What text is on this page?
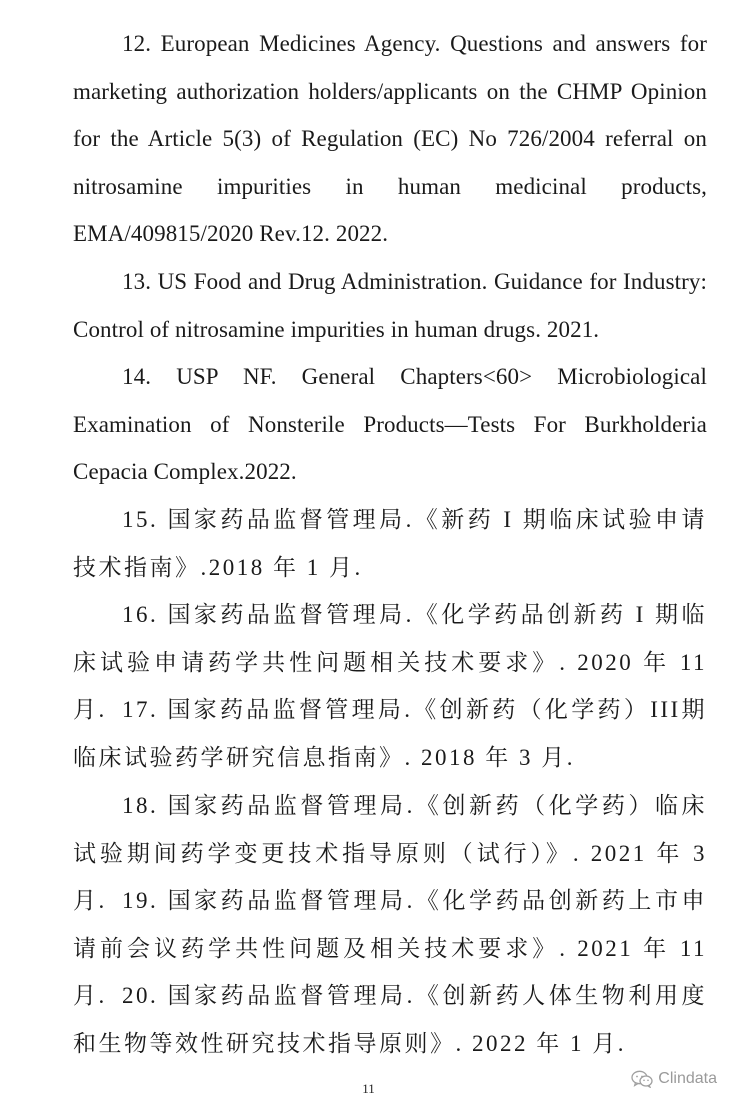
12. European Medicines Agency. Questions and answers for marketing authorization holders/applicants on the CHMP Opinion for the Article 5(3) of Regulation (EC) No 726/2004 referral on nitrosamine impurities in human medicinal products, EMA/409815/2020 Rev.12. 2022.

13. US Food and Drug Administration. Guidance for Industry: Control of nitrosamine impurities in human drugs. 2021.

14. USP NF. General Chapters<60> Microbiological Examination of Nonsterile Products—Tests For Burkholderia Cepacia Complex.2022.

15. 国家药品监督管理局.《新药 I 期临床试验申请技术指南》.2018 年 1 月.

16. 国家药品监督管理局.《化学药品创新药 I 期临床试验申请药学共性问题相关技术要求》. 2020 年 11 月. 17. 国家药品监督管理局.《创新药（化学药）III期临床试验药学研究信息指南》. 2018 年 3 月.

18. 国家药品监督管理局.《创新药（化学药）临床试验期间药学变更技术指导原则（试行）》. 2021 年 3 月. 19. 国家药品监督管理局.《化学药品创新药上市申请前会议药学共性问题及相关技术要求》. 2021 年 11 月. 20. 国家药品监督管理局.《创新药人体生物利用度和生物等效性研究技术指导原则》. 2022 年 1 月.

11
Clindata
